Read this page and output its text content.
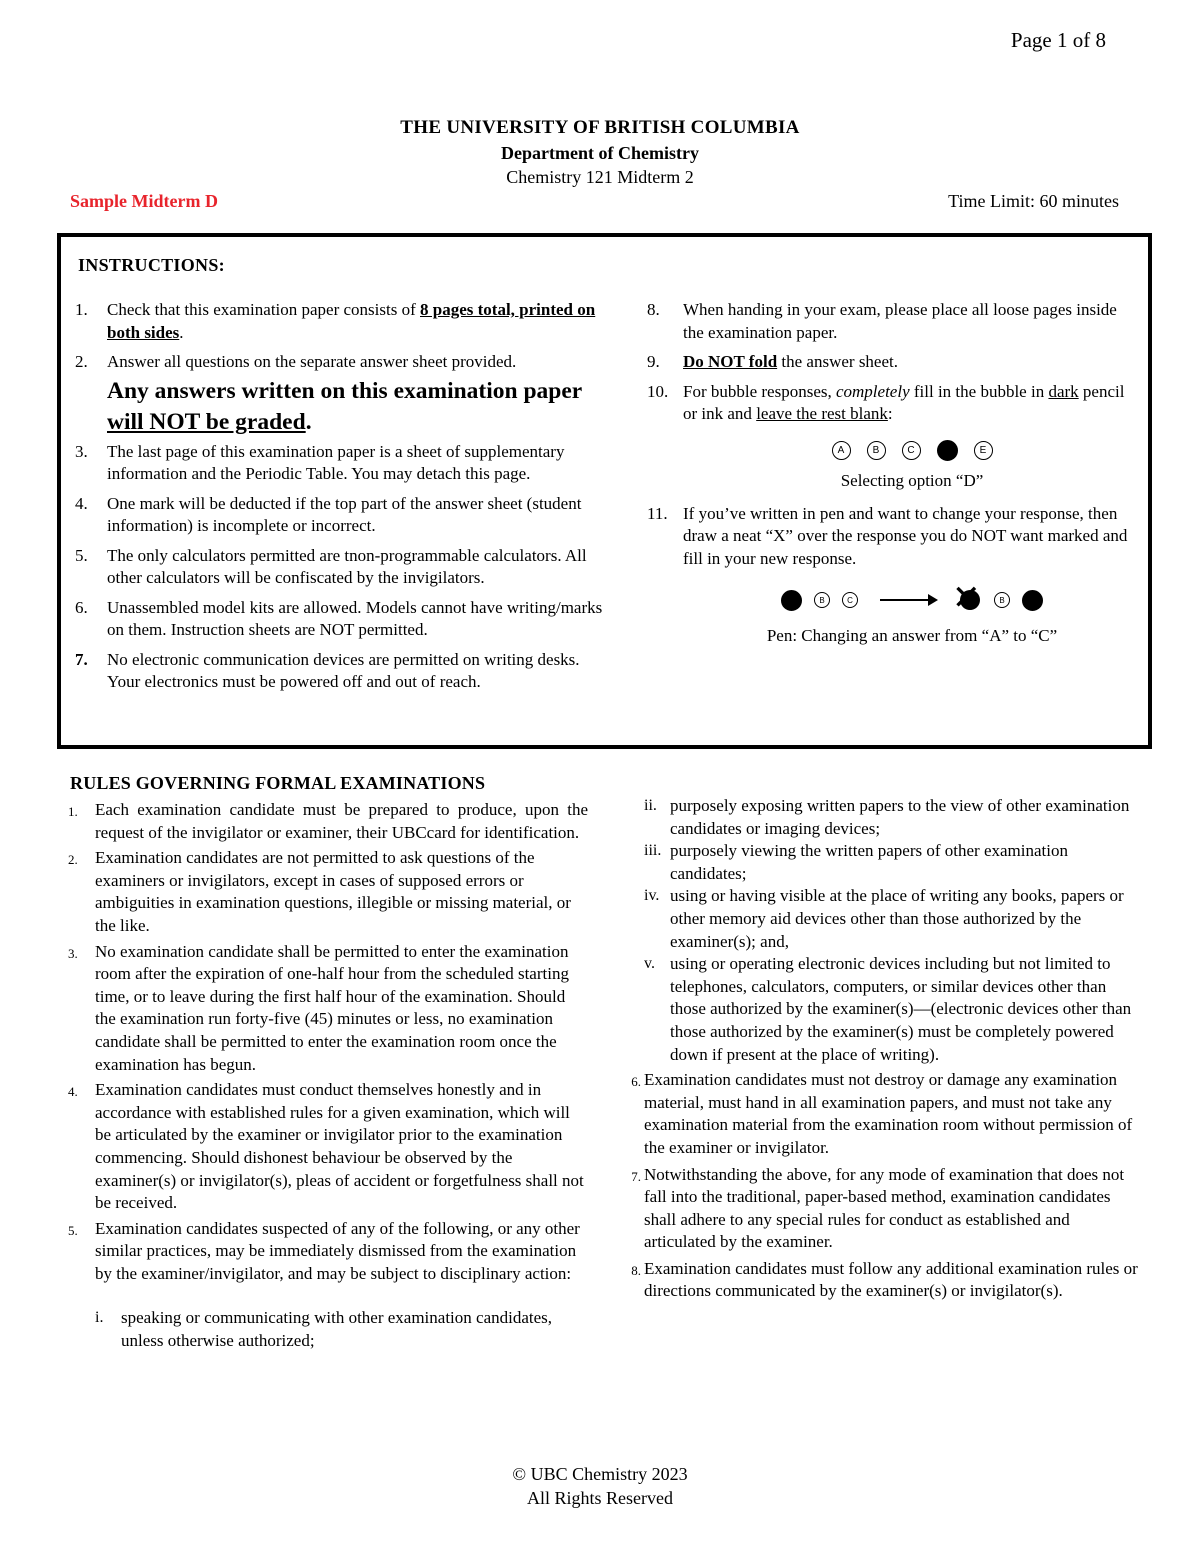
Page 1 of 8
THE UNIVERSITY OF BRITISH COLUMBIA
Department of Chemistry
Chemistry 121 Midterm 2
Sample Midterm D	Time Limit: 60 minutes
INSTRUCTIONS:
1.	Check that this examination paper consists of 8 pages total, printed on both sides.
2.	Answer all questions on the separate answer sheet provided.
Any answers written on this examination paper will NOT be graded.
3.	The last page of this examination paper is a sheet of supplementary information and the Periodic Table. You may detach this page.
4.	One mark will be deducted if the top part of the answer sheet (student information) is incomplete or incorrect.
5.	The only calculators permitted are tnon-programmable calculators. All other calculators will be confiscated by the invigilators.
6.	Unassembled model kits are allowed. Models cannot have writing/marks on them. Instruction sheets are NOT permitted.
7.	No electronic communication devices are permitted on writing desks. Your electronics must be powered off and out of reach.
8.	When handing in your exam, please place all loose pages inside the examination paper.
9.	Do NOT fold the answer sheet.
10. For bubble responses, completely fill in the bubble in dark pencil or ink and leave the rest blank:
A	B	C	E
Selecting option “D”
11. If you’ve written in pen and want to change your response, then draw a neat “X” over the response you do NOT want marked and fill in your new response.
B	C	✕	B
Pen: Changing an answer from “A” to “C”
RULES GOVERNING FORMAL EXAMINATIONS
1.	Each examination candidate must be prepared to produce, upon the request of the invigilator or examiner, their UBCcard for identification.
2.	Examination candidates are not permitted to ask questions of the examiners or invigilators, except in cases of supposed errors or ambiguities in examination questions, illegible or missing material, or the like.
3.	No examination candidate shall be permitted to enter the examination room after the expiration of one-half hour from the scheduled starting time, or to leave during the first half hour of the examination. Should the examination run forty-five (45) minutes or less, no examination candidate shall be permitted to enter the examination room once the examination has begun.
4.	Examination candidates must conduct themselves honestly and in accordance with established rules for a given examination, which will be articulated by the examiner or invigilator prior to the examination commencing. Should dishonest behaviour be observed by the examiner(s) or invigilator(s), pleas of accident or forgetfulness shall not be received.
5.	Examination candidates suspected of any of the following, or any other similar practices, may be immediately dismissed from the examination by the examiner/invigilator, and may be subject to disciplinary action:
i.	speaking or communicating with other examination candidates, unless otherwise authorized;
ii. purposely exposing written papers to the view of other examination candidates or imaging devices;
iii. purposely viewing the written papers of other examination candidates;
iv. using or having visible at the place of writing any books, papers or other memory aid devices other than those authorized by the examiner(s); and,
v. using or operating electronic devices including but not limited to telephones, calculators, computers, or similar devices other than those authorized by the examiner(s)—(electronic devices other than those authorized by the examiner(s) must be completely powered down if present at the place of writing).
6. Examination candidates must not destroy or damage any examination material, must hand in all examination papers, and must not take any examination material from the examination room without permission of the examiner or invigilator.
7. Notwithstanding the above, for any mode of examination that does not fall into the traditional, paper-based method, examination candidates shall adhere to any special rules for conduct as established and articulated by the examiner.
8. Examination candidates must follow any additional examination rules or directions communicated by the examiner(s) or invigilator(s).
© UBC Chemistry 2023
All Rights Reserved
